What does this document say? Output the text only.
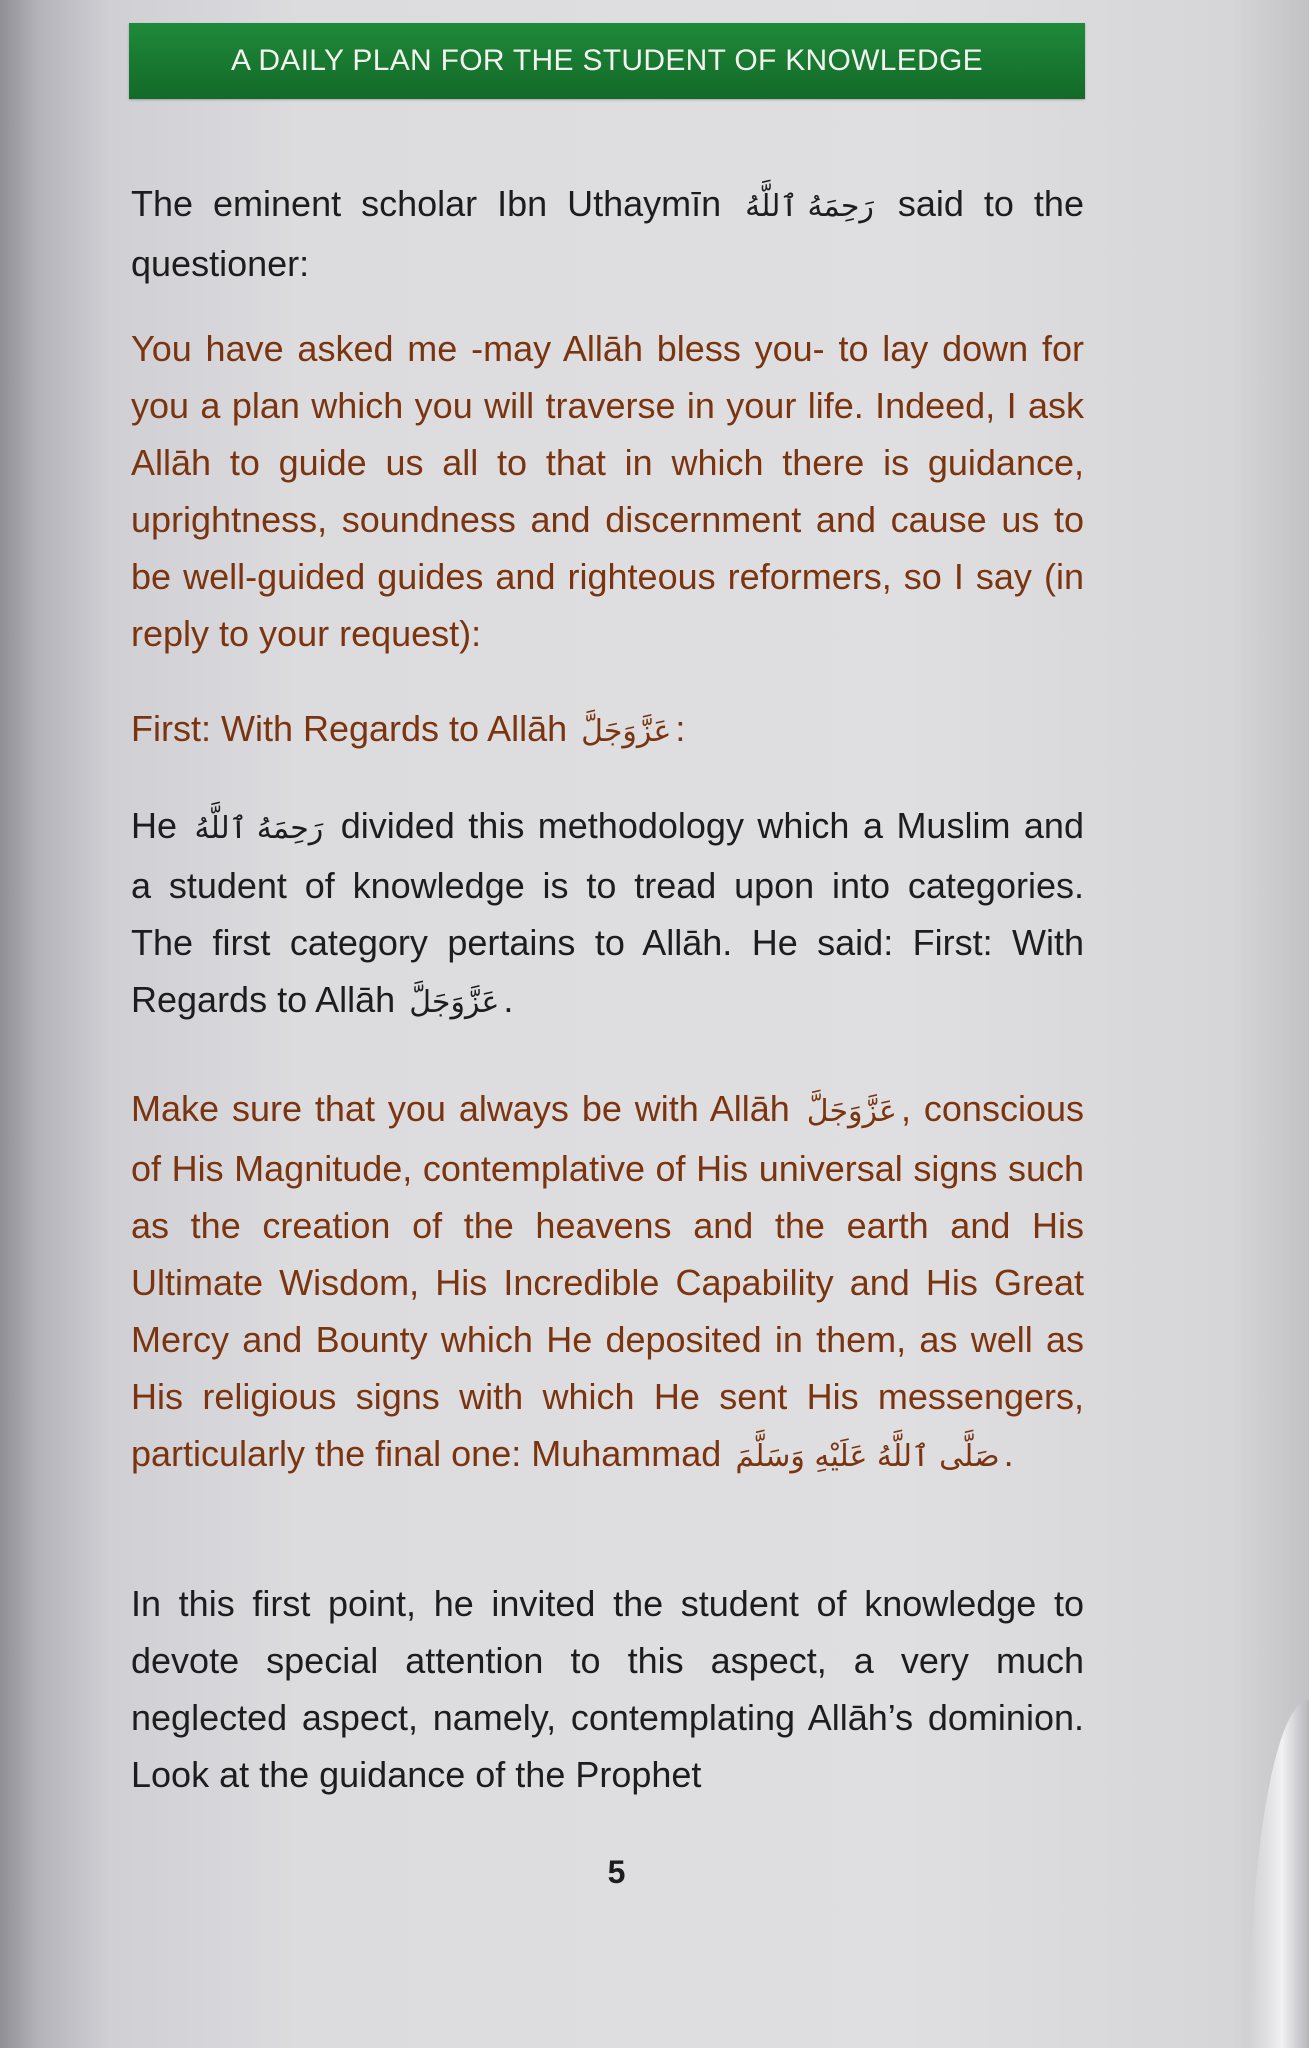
A DAILY PLAN FOR THE STUDENT OF KNOWLEDGE
The eminent scholar Ibn Uthaymīn رَحِمَهُ ٱللَّهُ said to the questioner:
You have asked me -may Allāh bless you- to lay down for you a plan which you will traverse in your life. Indeed, I ask Allāh to guide us all to that in which there is guidance, uprightness, soundness and discernment and cause us to be well-guided guides and righteous reformers, so I say (in reply to your request):
First: With Regards to Allāh عَزَّوَجَلَّ :
He رَحِمَهُ ٱللَّهُ divided this methodology which a Muslim and a student of knowledge is to tread upon into categories. The first category pertains to Allāh. He said: First: With Regards to Allāh عَزَّوَجَلَّ .
Make sure that you always be with Allāh عَزَّوَجَلَّ , conscious of His Magnitude, contemplative of His universal signs such as the creation of the heavens and the earth and His Ultimate Wisdom, His Incredible Capability and His Great Mercy and Bounty which He deposited in them, as well as His religious signs with which He sent His messengers, particularly the final one: Muhammad صَلَّى ٱللَّهُ عَلَيْهِ وَسَلَّمَ .
In this first point, he invited the student of knowledge to devote special attention to this aspect, a very much neglected aspect, namely, contemplating Allāh’s dominion. Look at the guidance of the Prophet
5
